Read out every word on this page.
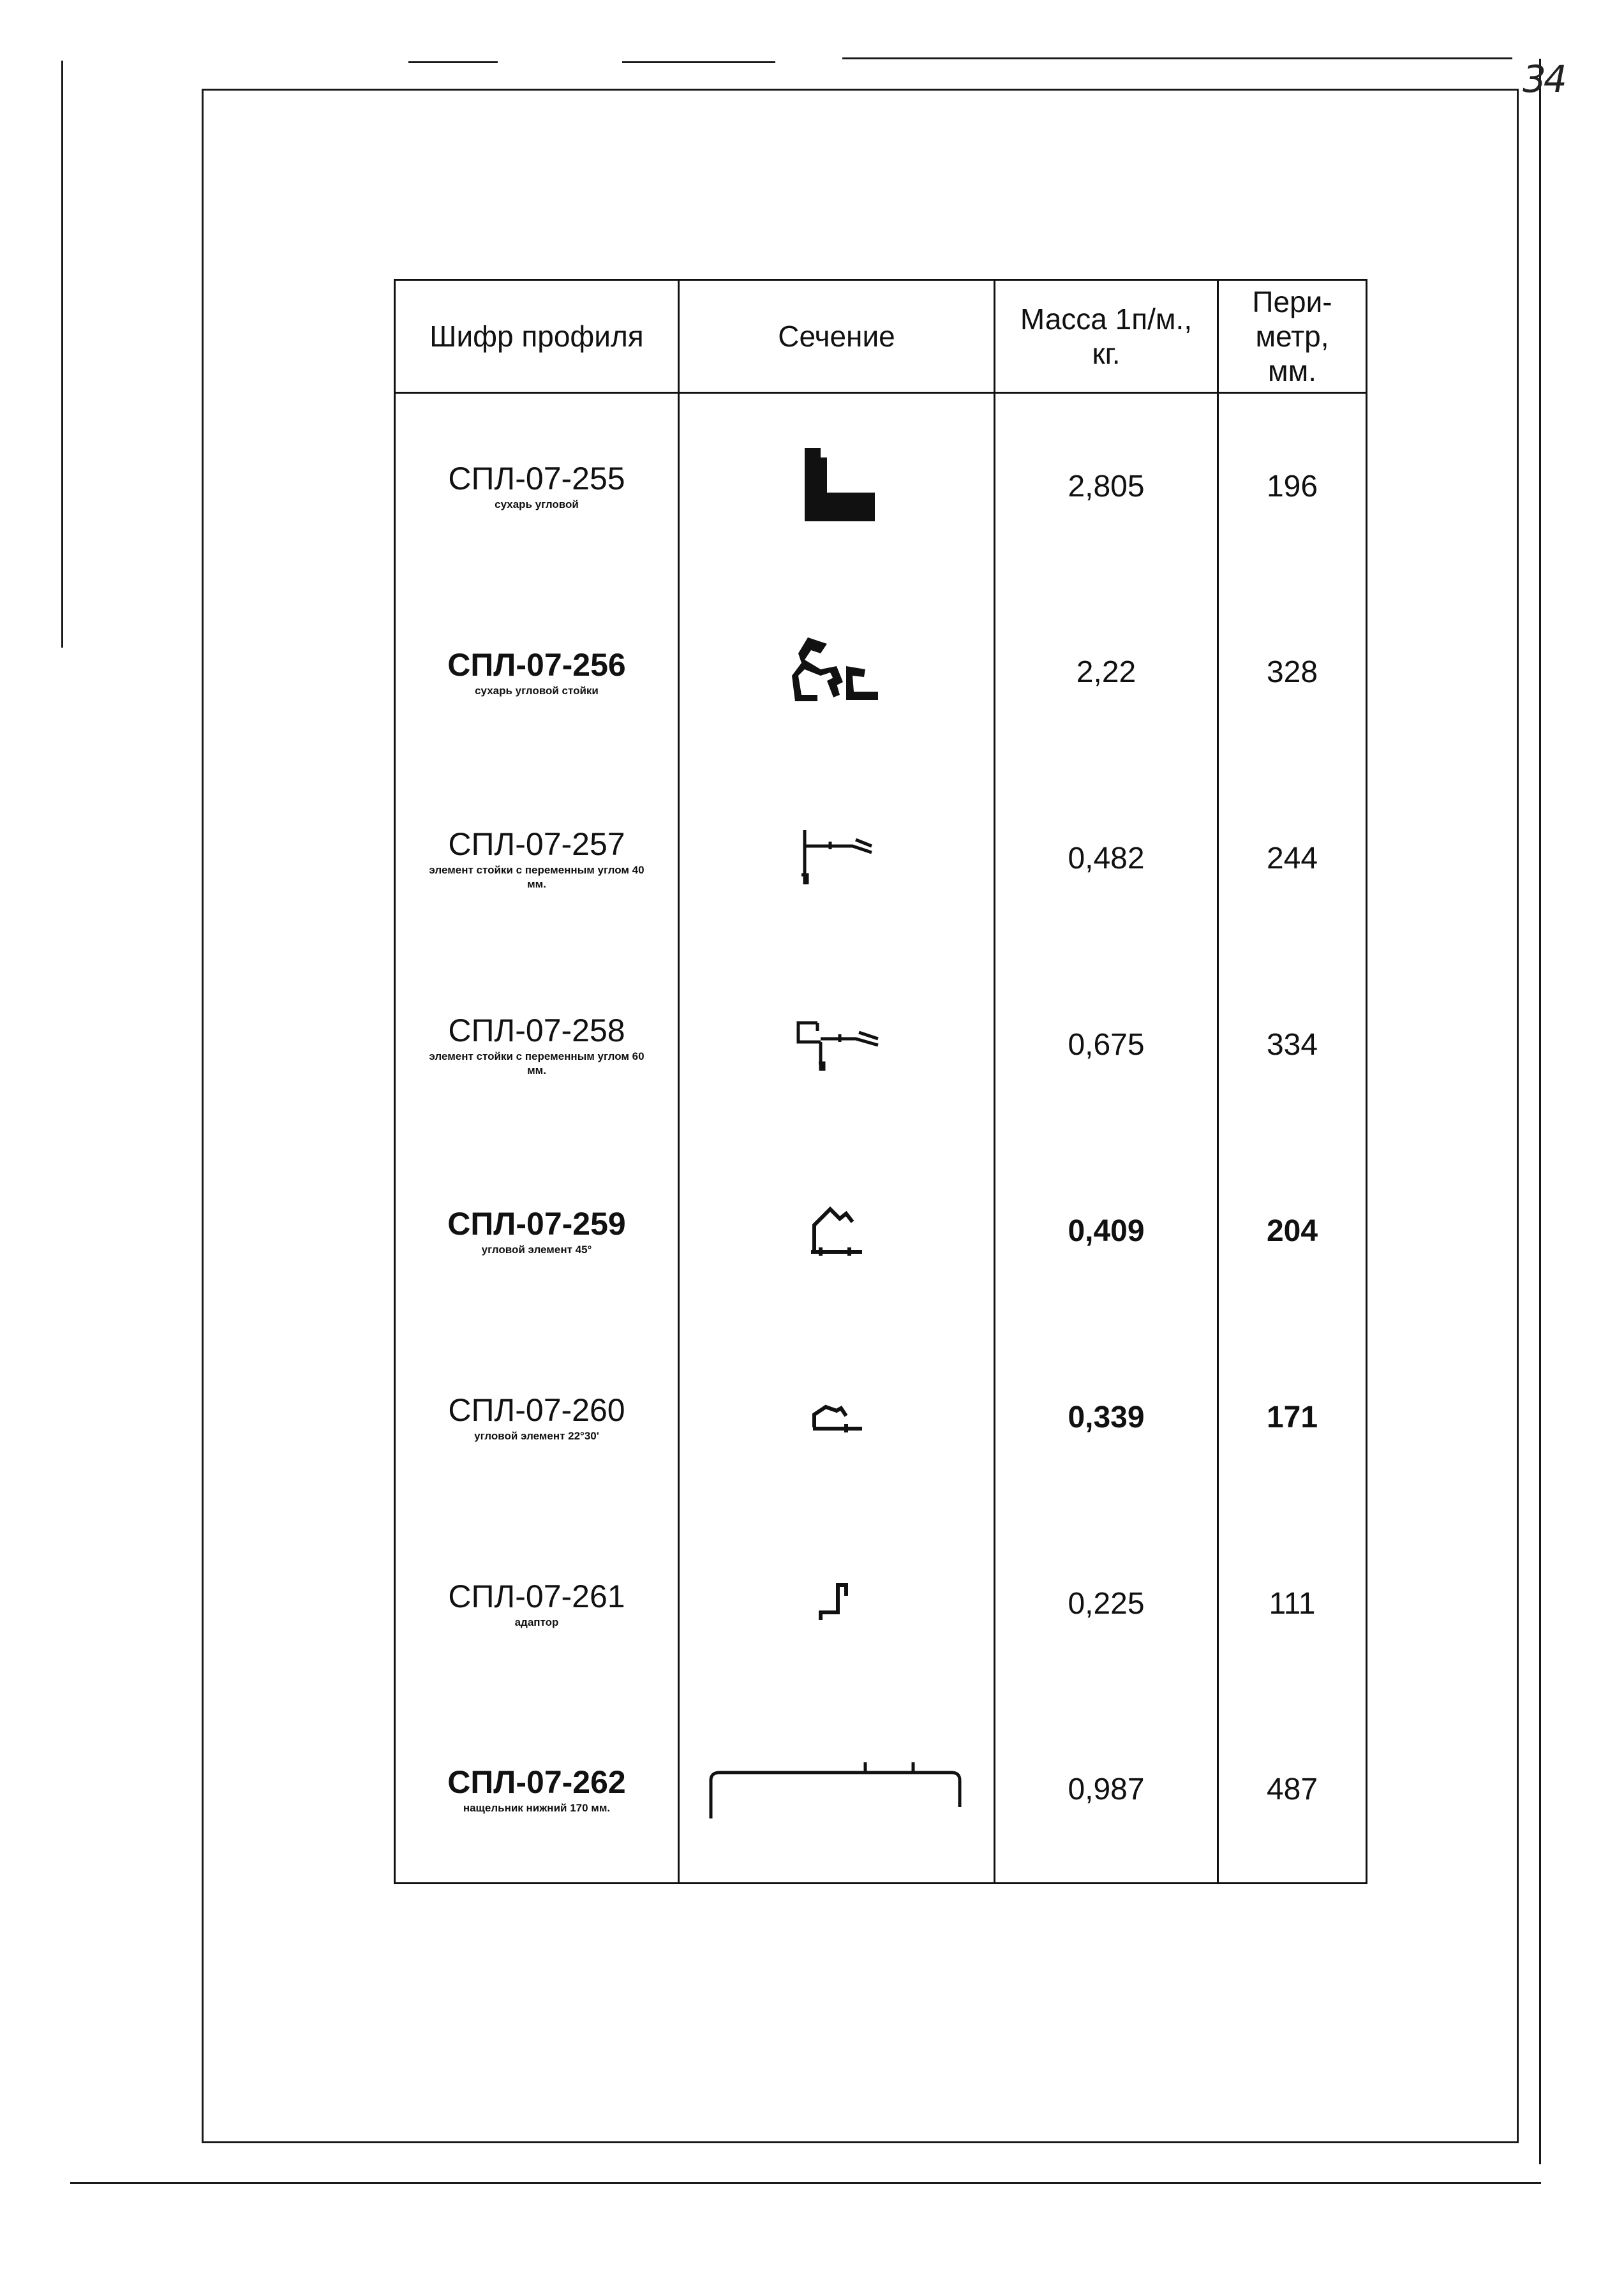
34
Шифр профиля	Сечение	Масса 1п/м., кг.	Пери-метр, мм.

СПЛ-07-255
сухарь угловой		2,805	196

СПЛ-07-256
сухарь угловой стойки		2,22	328

СПЛ-07-257
элемент стойки с переменным углом 40 мм.		0,482	244

СПЛ-07-258
элемент стойки с переменным углом 60 мм.		0,675	334

СПЛ-07-259
угловой элемент 45°		0,409	204

СПЛ-07-260
угловой элемент 22°30'		0,339	171

СПЛ-07-261
адаптор		0,225	111

СПЛ-07-262
нащельник нижний 170 мм.		0,987	487
